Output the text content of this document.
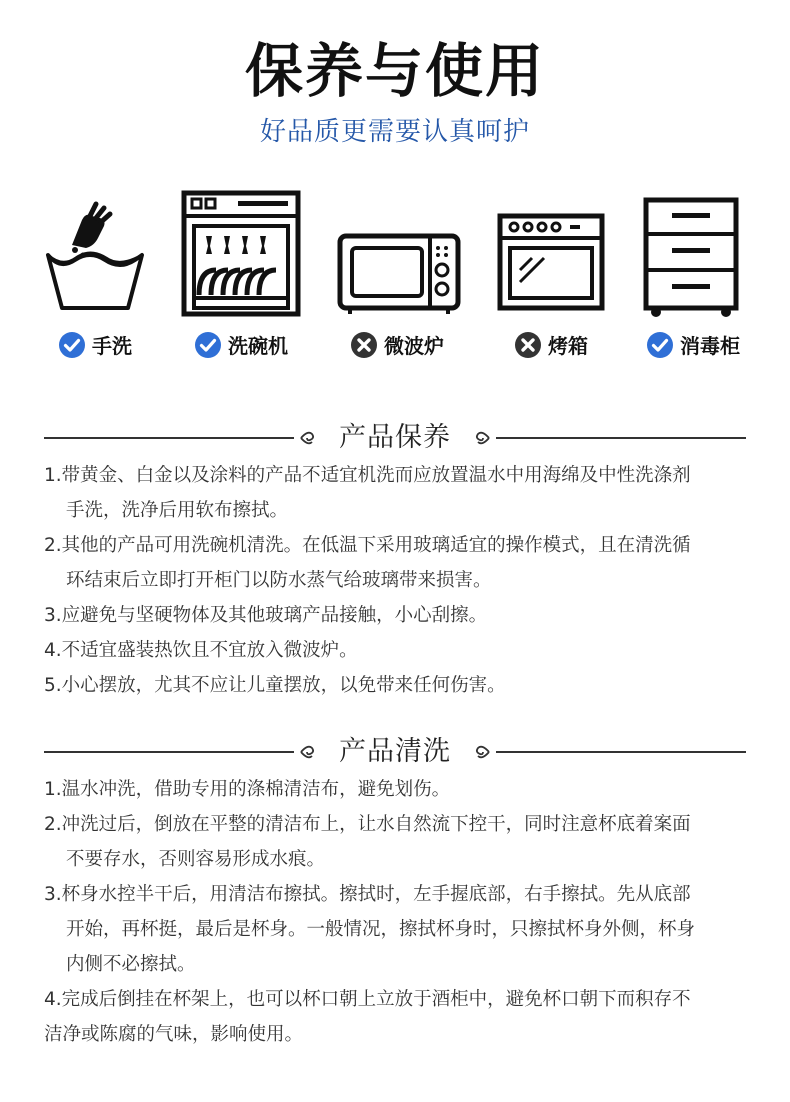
保养与使用
好品质更需要认真呵护
手洗	洗碗机	微波炉	烤箱	消毒柜
产品保养
1.带黄金、白金以及涂料的产品不适宜机洗而应放置温水中用海绵及中性洗涤剂
手洗，洗净后用软布擦拭。
2.其他的产品可用洗碗机清洗。在低温下采用玻璃适宜的操作模式，且在清洗循
环结束后立即打开柜门以防水蒸气给玻璃带来损害。
3.应避免与坚硬物体及其他玻璃产品接触，小心刮擦。
4.不适宜盛装热饮且不宜放入微波炉。
5.小心摆放，尤其不应让儿童摆放，以免带来任何伤害。
产品清洗
1.温水冲洗，借助专用的涤棉清洁布，避免划伤。
2.冲洗过后，倒放在平整的清洁布上，让水自然流下控干，同时注意杯底着案面
不要存水，否则容易形成水痕。
3.杯身水控半干后，用清洁布擦拭。擦拭时，左手握底部，右手擦拭。先从底部
开始，再杯挺，最后是杯身。一般情况，擦拭杯身时，只擦拭杯身外侧，杯身
内侧不必擦拭。
4.完成后倒挂在杯架上，也可以杯口朝上立放于酒柜中，避免杯口朝下而积存不
洁净或陈腐的气味，影响使用。
